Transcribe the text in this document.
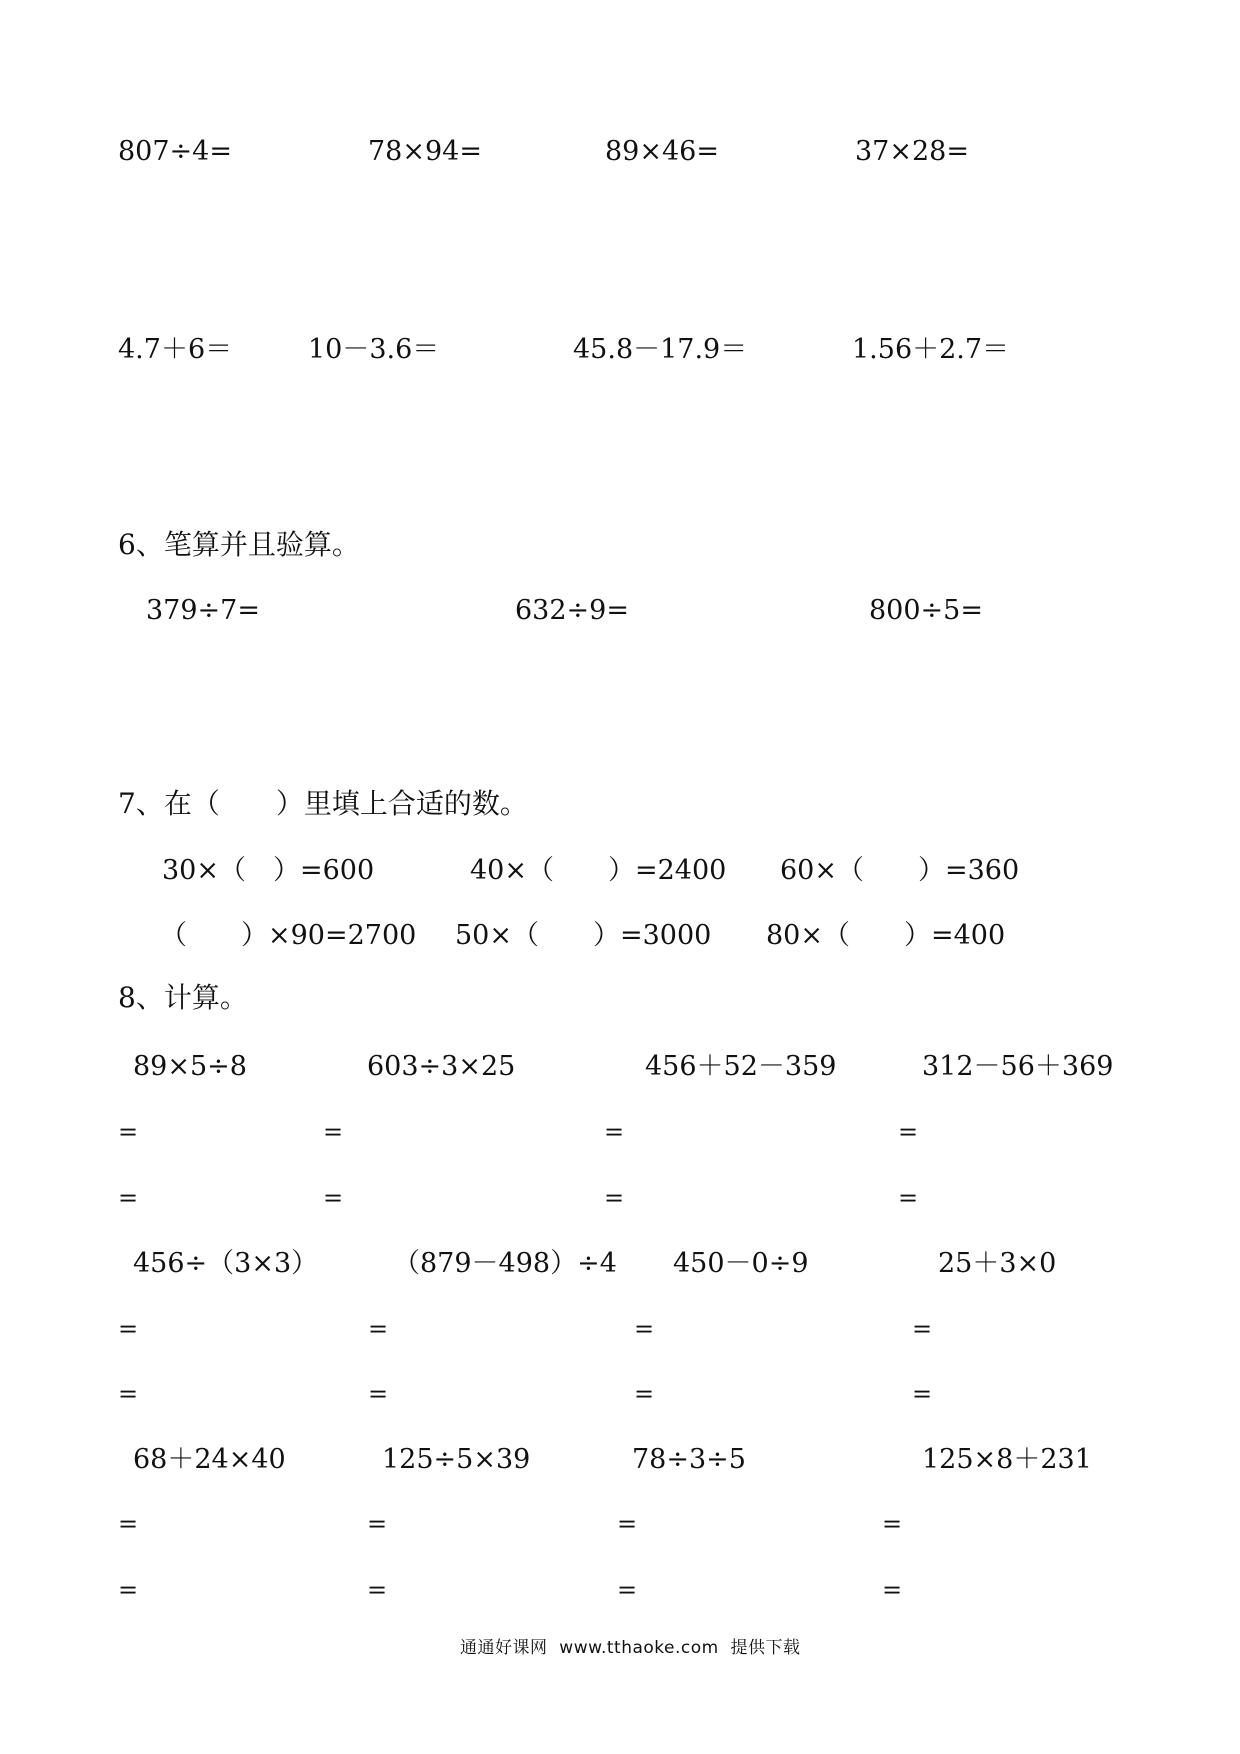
807÷4=	78×94=	89×46=	37×28=
4.7＋6＝	10－3.6＝	45.8－17.9＝	1.56＋2.7＝
6、笔算并且验算。
379÷7=	632÷9=	800÷5=
7、在（　　）里填上合适的数。
30×（　）=600	40×（　　）=2400 60×（　　）=360
（　　）×90=2700 50×（　　）=3000 80×（　　）=400
8、计算。
89×5÷8	603÷3×25	456＋52－359	312－56＋369
=	=	=	=
=	=	=	=
456÷（3×3）	（879－498）÷4 450－0÷9	25＋3×0
=	=	=	=
=	=	=	=
68＋24×40	125÷5×39	78÷3÷5	125×8＋231
=	=	=	=
=	=	=	=
通通好课网  www.tthaoke.com  提供下载
